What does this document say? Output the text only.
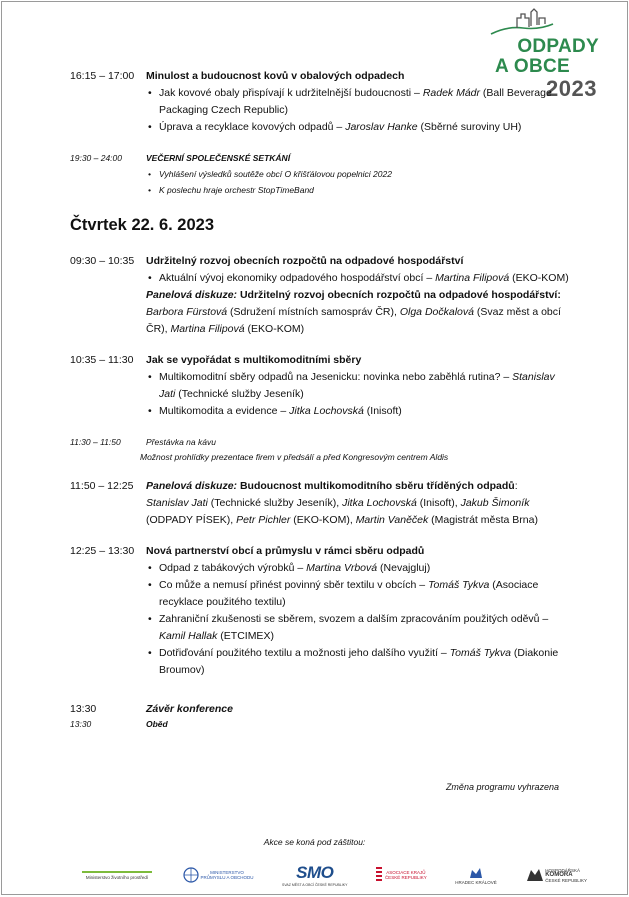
ODPADY
A OBCE
2023
16:15 – 17:00	Minulost a budoucnost kovů v obalových odpadech
• Jak kovové obaly přispívají k udržitelnější budoucnosti – Radek Mádr (Ball Beverage Packaging Czech Republic)
• Úprava a recyklace kovových odpadů – Jaroslav Hanke (Sběrné suroviny UH)
19:30 – 24:00	VEČERNÍ SPOLEČENSKÉ SETKÁNÍ
• Vyhlášení výsledků soutěže obcí O křišťálovou popelnici 2022
• K poslechu hraje orchestr StopTimeBand
Čtvrtek 22. 6. 2023
09:30 – 10:35	Udržitelný rozvoj obecních rozpočtů na odpadové hospodářství
• Aktuální vývoj ekonomiky odpadového hospodářství obcí – Martina Filipová (EKO-KOM)
Panelová diskuze: Udržitelný rozvoj obecních rozpočtů na odpadové hospodářství: Barbora Fürstová (Sdružení místních samospráv ČR), Olga Dočkalová (Svaz měst a obcí ČR), Martina Filipová (EKO-KOM)
10:35 – 11:30	Jak se vypořádat s multikomoditními sběry
• Multikomoditní sběry odpadů na Jesenicku: novinka nebo zaběhlá rutina? – Stanislav Jati (Technické služby Jeseník)
• Multikomodita a evidence – Jitka Lochovská (Inisoft)
11:30 – 11:50	Přestávka na kávu
Možnost prohlídky prezentace firem v předsálí a před Kongresovým centrem Aldis
11:50 – 12:25	Panelová diskuze: Budoucnost multikomoditního sběru tříděných odpadů:
Stanislav Jati (Technické služby Jeseník), Jitka Lochovská (Inisoft), Jakub Šimoník (ODPADY PÍSEK), Petr Pichler (EKO-KOM), Martin Vaněček (Magistrát města Brna)
12:25 – 13:30	Nová partnerství obcí a průmyslu v rámci sběru odpadů
• Odpad z tabákových výrobků – Martina Vrbová (Nevajgluj)
• Co může a nemusí přinést povinný sběr textilu v obcích – Tomáš Tykva (Asociace recyklace použitého textilu)
• Zahraniční zkušenosti se sběrem, svozem a dalším zpracováním použitých oděvů – Kamil Hallak (ETCIMEX)
• Dotřiďování použitého textilu a možnosti jeho dalšího využití – Tomáš Tykva (Diakonie Broumov)
13:30	Závěr konference
13:30	Oběd
Změna programu vyhrazena
Akce se koná pod záštitou:
Ministerstvo životního prostředí
MINISTERSTVO
PRŮMYSLU A OBCHODU	SMO
SVAZ MĚST A OBCÍ ČESKÉ REPUBLIKY
ASOCIACE KRAJŮ
ČESKÉ REPUBLIKY
HRADEC KRÁLOVÉ
HOSPODÁŘSKÁ
KOMORA
ČESKÉ REPUBLIKY
